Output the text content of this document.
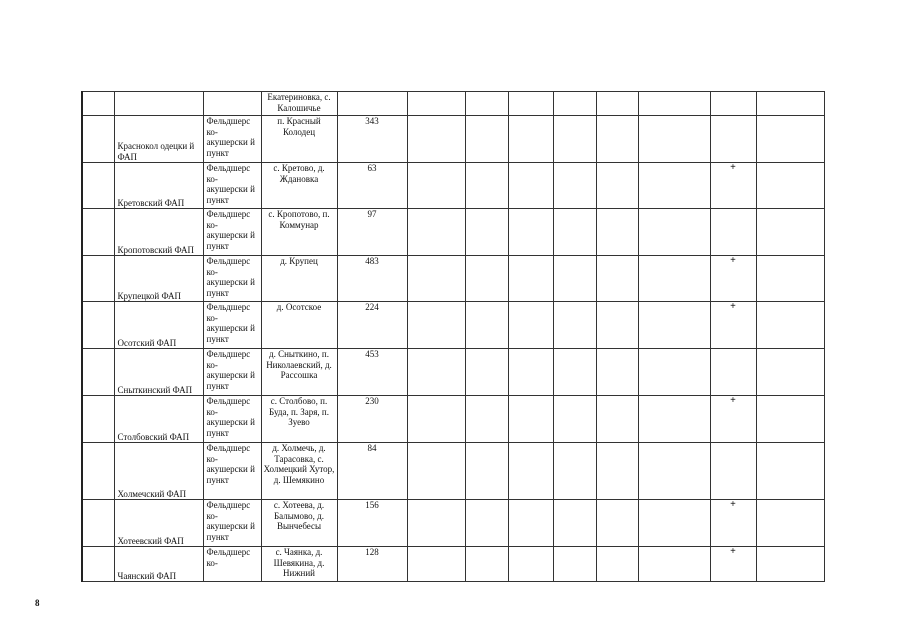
			Екатериновка, с. Калошичье									
	Краснокол одецки й ФАП	Фельдшерс ко- акушерски й пункт	п. Красный Колодец	343								
	Кретовский ФАП	Фельдшерс ко- акушерски й пункт	с. Кретово, д. Ждановка	63							+	
	Кропотовский ФАП	Фельдшерс ко- акушерски й пункт	с. Кропотово, п. Коммунар	97								
	Крупецкой ФАП	Фельдшерс ко- акушерски й пункт	д. Крупец	483							+	
	Осотский ФАП	Фельдшерс ко- акушерски й пункт	д. Осотское	224							+	
	Сныткинский ФАП	Фельдшерс ко- акушерски й пункт	д. Сныткино, п. Николаевский, д. Рассошка	453								
	Столбовский ФАП	Фельдшерс ко- акушерски й пункт	с. Столбово, п. Буда, п. Заря, п. Зуево	230							+	
	Холмечский ФАП	Фельдшерс ко- акушерски й пункт	д. Холмечь, д. Тарасовка, с. Холмецкий Хутор, д. Шемякино	84								
	Хотеевский ФАП	Фельдшерс ко- акушерски й пункт	с. Хотеева, д. Балымово, д. Вынчебесы	156							+	
	Чаянский ФАП	Фельдшерс ко-	с. Чаянка, д. Шевякина, д. Нижний	128							+	
8
